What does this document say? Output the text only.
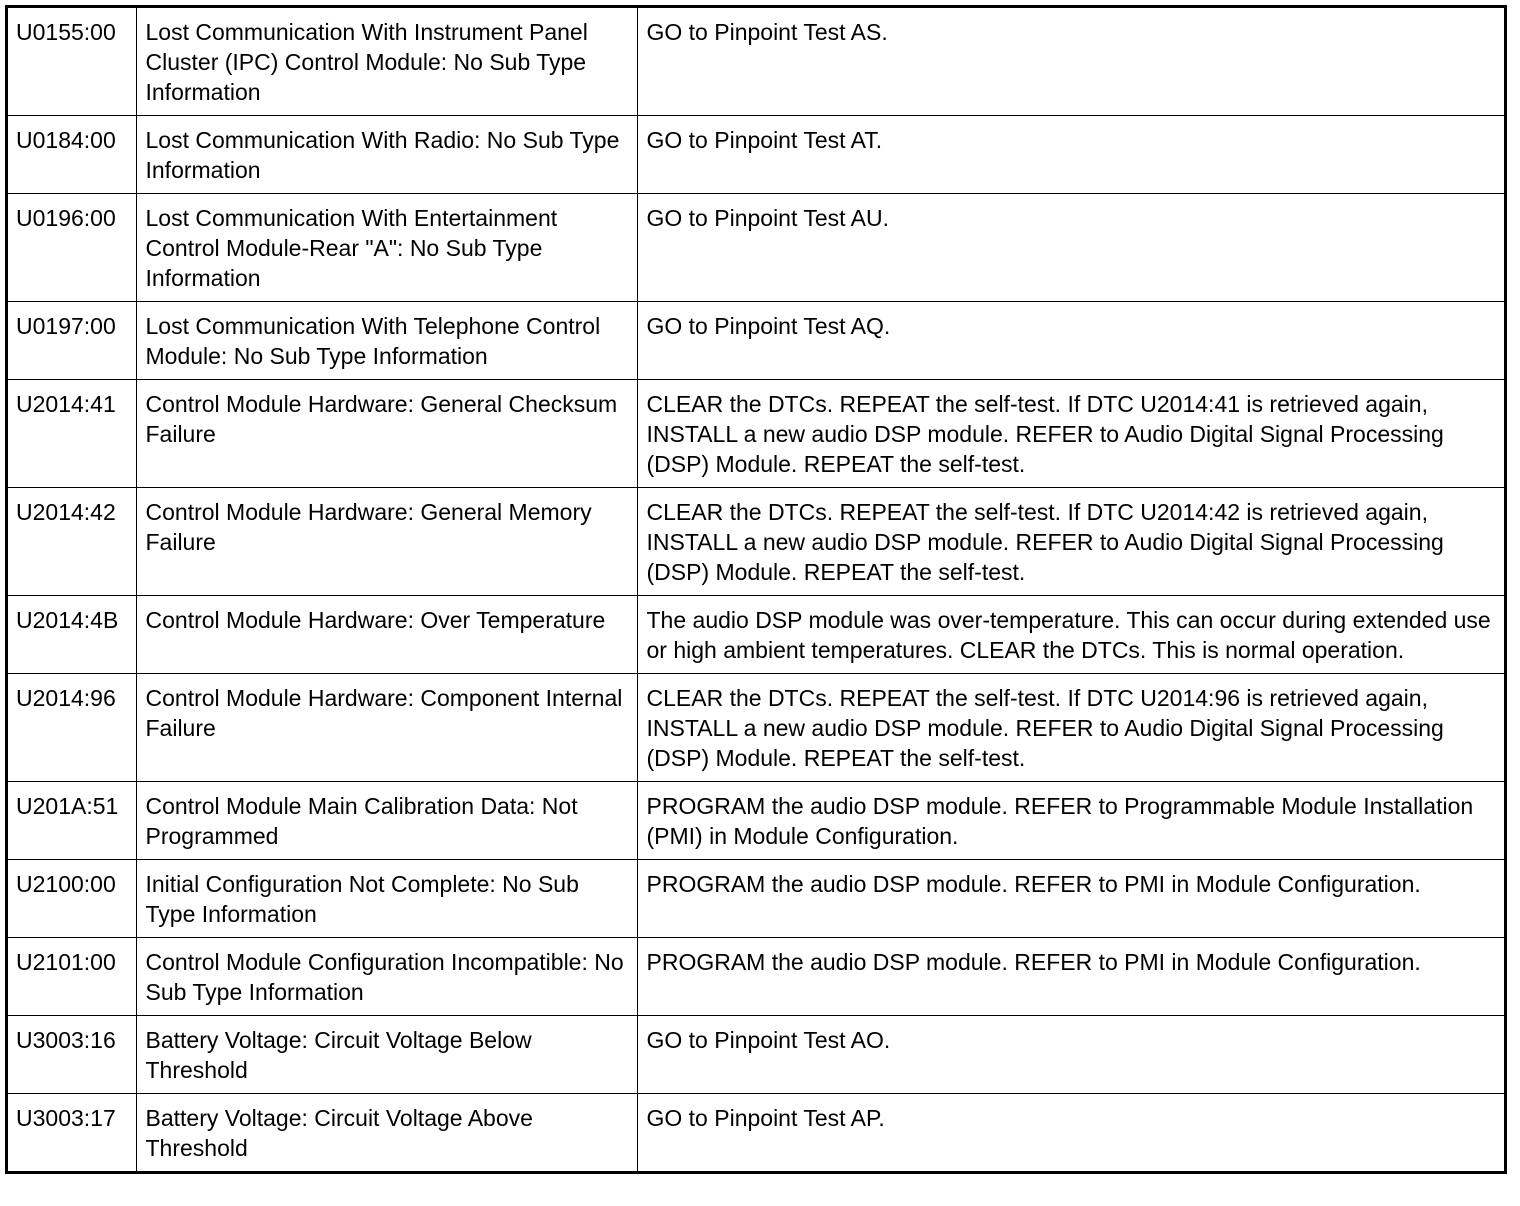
U0155:00	Lost Communication With Instrument Panel Cluster (IPC) Control Module: No Sub Type Information	GO to Pinpoint Test AS.
U0184:00	Lost Communication With Radio: No Sub Type Information	GO to Pinpoint Test AT.
U0196:00	Lost Communication With Entertainment Control Module-Rear "A": No Sub Type Information	GO to Pinpoint Test AU.
U0197:00	Lost Communication With Telephone Control Module: No Sub Type Information	GO to Pinpoint Test AQ.
U2014:41	Control Module Hardware: General Checksum Failure	CLEAR the DTCs. REPEAT the self-test. If DTC U2014:41 is retrieved again, INSTALL a new audio DSP module. REFER to Audio Digital Signal Processing (DSP) Module. REPEAT the self-test.
U2014:42	Control Module Hardware: General Memory Failure	CLEAR the DTCs. REPEAT the self-test. If DTC U2014:42 is retrieved again, INSTALL a new audio DSP module. REFER to Audio Digital Signal Processing (DSP) Module. REPEAT the self-test.
U2014:4B	Control Module Hardware: Over Temperature	The audio DSP module was over-temperature. This can occur during extended use or high ambient temperatures. CLEAR the DTCs. This is normal operation.
U2014:96	Control Module Hardware: Component Internal Failure	CLEAR the DTCs. REPEAT the self-test. If DTC U2014:96 is retrieved again, INSTALL a new audio DSP module. REFER to Audio Digital Signal Processing (DSP) Module. REPEAT the self-test.
U201A:51	Control Module Main Calibration Data: Not Programmed	PROGRAM the audio DSP module. REFER to Programmable Module Installation (PMI) in Module Configuration.
U2100:00	Initial Configuration Not Complete: No Sub Type Information	PROGRAM the audio DSP module. REFER to PMI in Module Configuration.
U2101:00	Control Module Configuration Incompatible: No Sub Type Information	PROGRAM the audio DSP module. REFER to PMI in Module Configuration.
U3003:16	Battery Voltage: Circuit Voltage Below Threshold	GO to Pinpoint Test AO.
U3003:17	Battery Voltage: Circuit Voltage Above Threshold	GO to Pinpoint Test AP.
